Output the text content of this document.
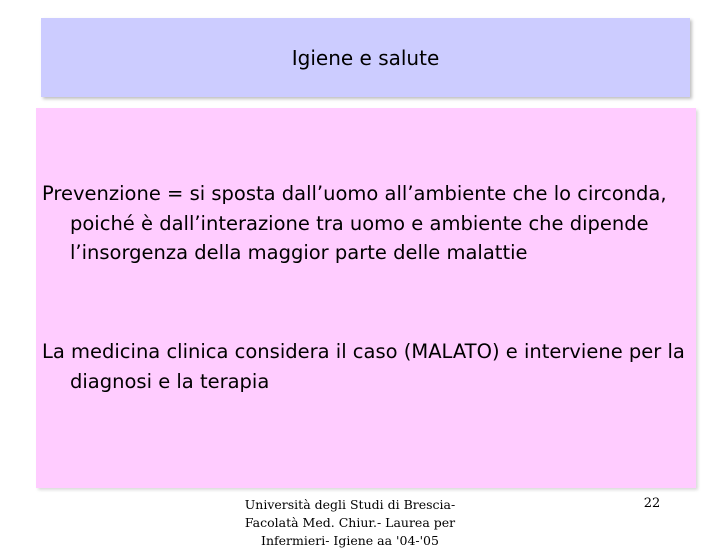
Igiene e salute
Prevenzione = si sposta dall’uomo all’ambiente che lo circonda, poiché è dall’interazione tra uomo e ambiente che dipende l’insorgenza della maggior parte delle malattie
La medicina clinica considera il caso (MALATO) e interviene per la diagnosi e la terapia
Università degli Studi di Brescia-Facolatà Med. Chiur.- Laurea per Infermieri- Igiene aa '04-'05
22
